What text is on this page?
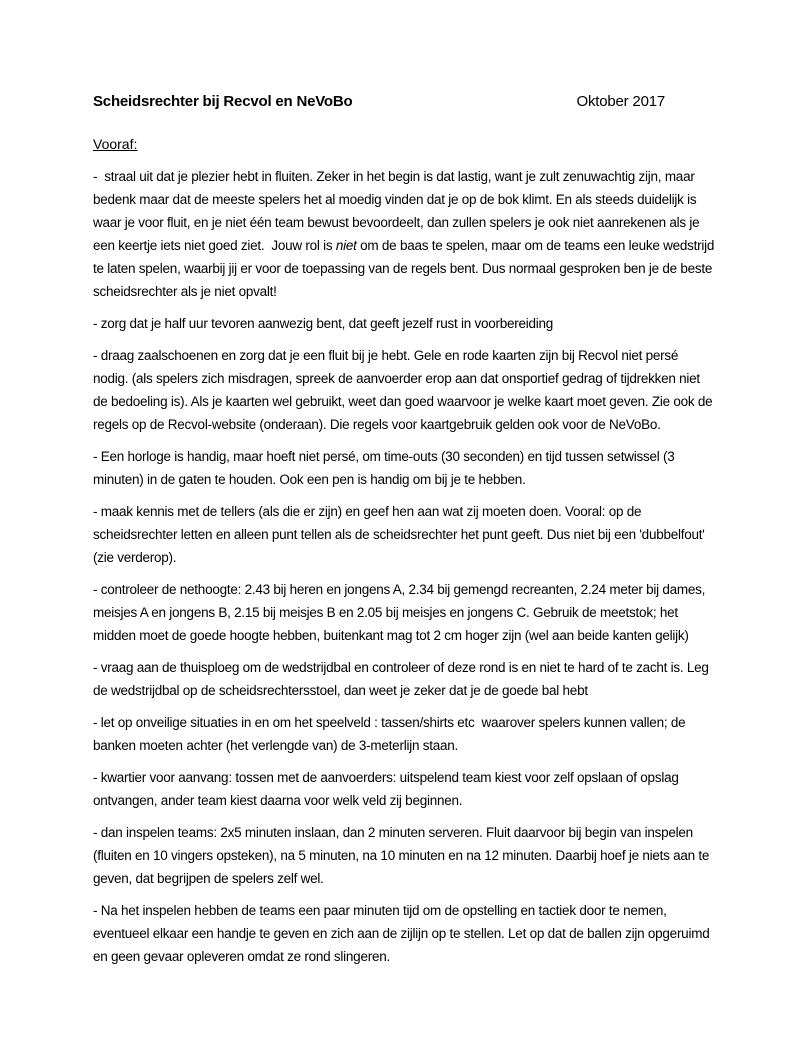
Scheidsrechter bij Recvol en NeVoBo	Oktober 2017
Vooraf:

-  straal uit dat je plezier hebt in fluiten. Zeker in het begin is dat lastig, want je zult zenuwachtig zijn, maar bedenk maar dat de meeste spelers het al moedig vinden dat je op de bok klimt. En als steeds duidelijk is waar je voor fluit, en je niet één team bewust bevoordeelt, dan zullen spelers je ook niet aanrekenen als je een keertje iets niet goed ziet.  Jouw rol is niet om de baas te spelen, maar om de teams een leuke wedstrijd te laten spelen, waarbij jij er voor de toepassing van de regels bent. Dus normaal gesproken ben je de beste scheidsrechter als je niet opvalt!

- zorg dat je half uur tevoren aanwezig bent, dat geeft jezelf rust in voorbereiding

- draag zaalschoenen en zorg dat je een fluit bij je hebt. Gele en rode kaarten zijn bij Recvol niet persé nodig. (als spelers zich misdragen, spreek de aanvoerder erop aan dat onsportief gedrag of tijdrekken niet de bedoeling is). Als je kaarten wel gebruikt, weet dan goed waarvoor je welke kaart moet geven. Zie ook de regels op de Recvol-website (onderaan). Die regels voor kaartgebruik gelden ook voor de NeVoBo.

- Een horloge is handig, maar hoeft niet persé, om time-outs (30 seconden) en tijd tussen setwissel (3 minuten) in de gaten te houden. Ook een pen is handig om bij je te hebben.

- maak kennis met de tellers (als die er zijn) en geef hen aan wat zij moeten doen. Vooral: op de scheidsrechter letten en alleen punt tellen als de scheidsrechter het punt geeft. Dus niet bij een 'dubbelfout' (zie verderop).

- controleer de nethoogte: 2.43 bij heren en jongens A, 2.34 bij gemengd recreanten, 2.24 meter bij dames, meisjes A en jongens B, 2.15 bij meisjes B en 2.05 bij meisjes en jongens C. Gebruik de meetstok; het midden moet de goede hoogte hebben, buitenkant mag tot 2 cm hoger zijn (wel aan beide kanten gelijk)

- vraag aan de thuisploeg om de wedstrijdbal en controleer of deze rond is en niet te hard of te zacht is. Leg de wedstrijdbal op de scheidsrechtersstoel, dan weet je zeker dat je de goede bal hebt

- let op onveilige situaties in en om het speelveld : tassen/shirts etc  waarover spelers kunnen vallen; de banken moeten achter (het verlengde van) de 3-meterlijn staan.

- kwartier voor aanvang: tossen met de aanvoerders: uitspelend team kiest voor zelf opslaan of opslag ontvangen, ander team kiest daarna voor welk veld zij beginnen.

- dan inspelen teams: 2x5 minuten inslaan, dan 2 minuten serveren. Fluit daarvoor bij begin van inspelen (fluiten en 10 vingers opsteken), na 5 minuten, na 10 minuten en na 12 minuten. Daarbij hoef je niets aan te geven, dat begrijpen de spelers zelf wel.

- Na het inspelen hebben de teams een paar minuten tijd om de opstelling en tactiek door te nemen, eventueel elkaar een handje te geven en zich aan de zijlijn op te stellen. Let op dat de ballen zijn opgeruimd en geen gevaar opleveren omdat ze rond slingeren.
